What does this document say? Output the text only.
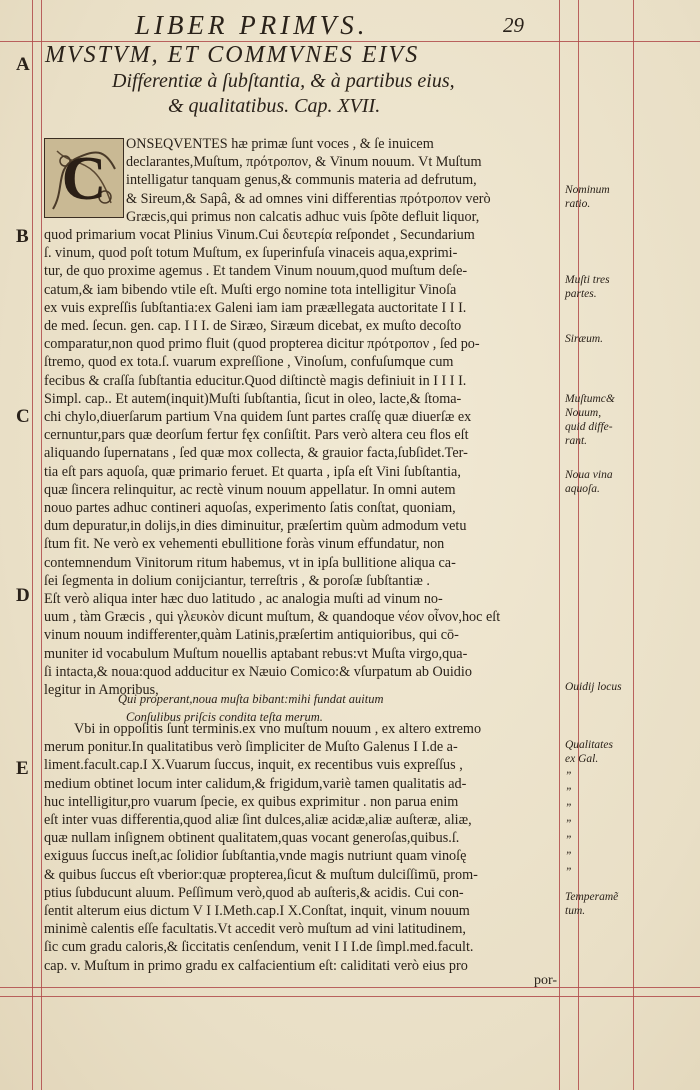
LIBER PRIMVS.	29
A
B
C
D
E
MVSTVM, ET COMMVNES EIVS
Differentiæ à ſubſtantia, & à partibus eius,
& qualitatibus. Cap. XVII.
C
ONSEQVENTES hæ primæ ſunt voces , & ſe inuicem
declarantes,Muſtum, πρότροπον, & Vinum nouum. Vt Muſtum
intelligatur tanquam genus,& communis materia ad defrutum,
& Sireum,& Sapâ, & ad omnes vini differentias πρότροπον verò
Græcis,qui primus non calcatis adhuc vuis ſpõte defluit liquor,
quod primarium vocat Plinius Vinum.Cui δευτερία reſpondet , Secundarium
ſ. vinum, quod poſt totum Muſtum, ex ſuperinfuſa vinaceis aqua,exprimi-
tur, de quo proxime agemus . Et tandem Vinum nouum,quod muſtum deſe-
catum,& iam bibendo vtile eſt. Muſti ergo nomine tota intelligitur Vinoſa
ex vuis expreſſis ſubſtantia:ex Galeni iam iam præællegata auctoritate I I I.
de med. ſecun. gen. cap. I I I. de Siræo, Siræum dicebat, ex muſto decoſto
comparatur,non quod primo fluit (quod propterea dicitur πρότροπον , ſed po-
ſtremo, quod ex tota.ſ. vuarum expreſſione , Vinoſum, confuſumque cum
fecibus & craſſa ſubſtantia educitur.Quod diſtinctè magis definiuit in I I I I.
Simpl. cap.. Et autem(inquit)Muſti ſubſtantia, ſicut in oleo, lacte,& ſtoma-
chi chylo,diuerſarum partium Vna quidem ſunt partes craſſę quæ diuerſæ ex
cernuntur,pars quæ deorſum fertur fęx conſiſtit. Pars verò altera ceu flos eſt
aliquando ſupernatans , ſed quæ mox collecta, & grauior facta,ſubſidet.Ter-
tia eſt pars aquoſa, quæ primario feruet. Et quarta , ipſa eſt Vini ſubſtantia,
quæ ſincera relinquitur, ac rectè vinum nouum appellatur. In omni autem
nouo partes adhuc contineri aquoſas, experimento ſatis conſtat, quoniam,
dum depuratur,in dolijs,in dies diminuitur, præſertim quùm admodum vetu
ſtum fit. Ne verò ex vehementi ebullitione foràs vinum effundatur, non
contemnendum Vinitorum ritum habemus, vt in ipſa bullitione aliqua ca-
ſei ſegmenta in dolium conijciantur, terreſtris , & poroſæ ſubſtantiæ .
Eſt verò aliqua inter hæc duo latitudo , ac analogia muſti ad vinum no-
uum , tàm Græcis , qui γλευκὸν dicunt muſtum, & quandoque νέον οἶνον,hoc eſt
vinum nouum indifferenter,quàm Latinis,præſertim antiquioribus, qui cō-
muniter id vocabulum Muſtum nouellis aptabant rebus:vt Muſta virgo,qua-
ſi intacta,& noua:quod adducitur ex Næuio Comico:& vſurpatum ab Ouidio
legitur in Amoribus,
Qui properant,noua muſta bibant:mihi fundat auitum
Conſulibus priſcis condita teſta merum.
Vbi in oppoſitis ſunt terminis.ex vno muſtum nouum , ex altero extremo
merum ponitur.In qualitatibus verò ſimpliciter de Muſto Galenus I I.de a-
liment.facult.cap.I X.Vuarum ſuccus, inquit, ex recentibus vuis expreſſus ,
medium obtinet locum inter calidum,& frigidum,variè tamen qualitatis ad-
huc intelligitur,pro vuarum ſpecie, ex quibus exprimitur . non parua enim
eſt inter vuas differentia,quod aliæ ſint dulces,aliæ acidæ,aliæ auſteræ, aliæ,
quæ nullam inſignem obtinent qualitatem,quas vocant generoſas,quibus.ſ.
exiguus ſuccus ineſt,ac ſolidior ſubſtantia,vnde magis nutriunt quam vinoſę
& quibus ſuccus eſt vberior:quæ propterea,ſicut & muſtum dulciſſimū, prom-
ptius ſubducunt aluum. Peſſimum verò,quod ab auſteris,& acidis. Cui con-
ſentit alterum eius dictum V I I.Meth.cap.I X.Conſtat, inquit, vinum nouum
minimè calentis eſſe facultatis.Vt accedit verò muſtum ad vini latitudinem,
ſic cum gradu caloris,& ſiccitatis cenſendum, venit I I I.de ſimpl.med.facult.
cap. v. Muſtum in primo gradu ex calfacientium eſt: caliditati verò eius pro
Nominum
ratio.
Muſti tres
partes.
Siræum.
Muſtumc&
Nouum,
quid diffe-
rant.
Noua vina
aquoſa.
Ouidij locus
Qualitates
ex Gal.
”
”
”
”
”
”
”
Temperamẽ
tum.
por-
